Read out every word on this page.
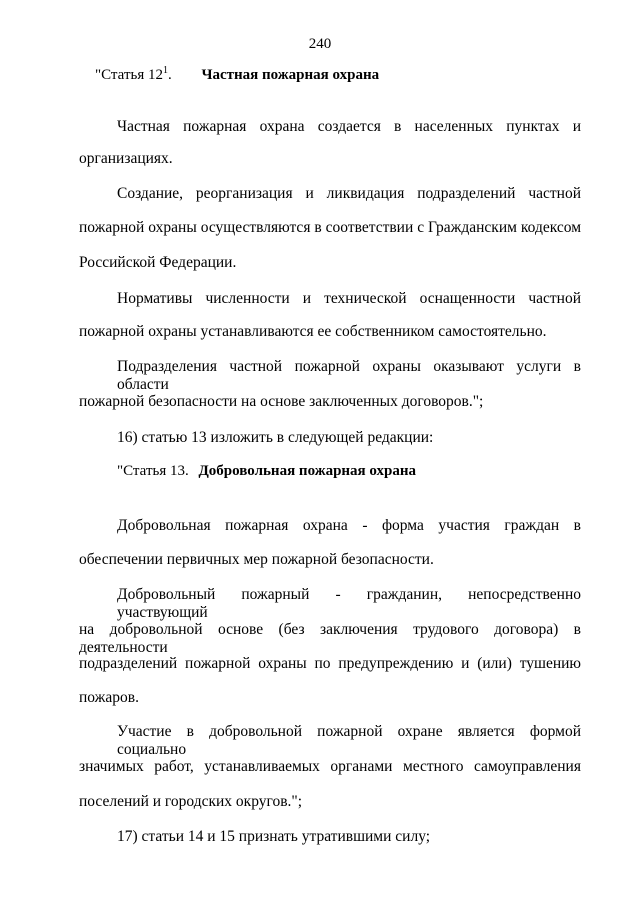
240
"Статья $12^1$. Частная пожарная охрана
Частная пожарная охрана создается в населенных пунктах и
организациях.
Создание, реорганизация и ликвидация подразделений частной
пожарной охраны осуществляются в соответствии с Гражданским кодексом
Российской Федерации.
Нормативы численности и технической оснащенности частной
пожарной охраны устанавливаются ее собственником самостоятельно.
Подразделения частной пожарной охраны оказывают услуги в области
пожарной безопасности на основе заключенных договоров.";
16) статью 13 изложить в следующей редакции:
"Статья 13. Добровольная пожарная охрана
Добровольная пожарная охрана - форма участия граждан в
обеспечении первичных мер пожарной безопасности.
Добровольный пожарный - гражданин, непосредственно участвующий
на добровольной основе (без заключения трудового договора) в деятельности
подразделений пожарной охраны по предупреждению и (или) тушению
пожаров.
Участие в добровольной пожарной охране является формой социально
значимых работ, устанавливаемых органами местного самоуправления
поселений и городских округов.";
17) статьи 14 и 15 признать утратившими силу;
